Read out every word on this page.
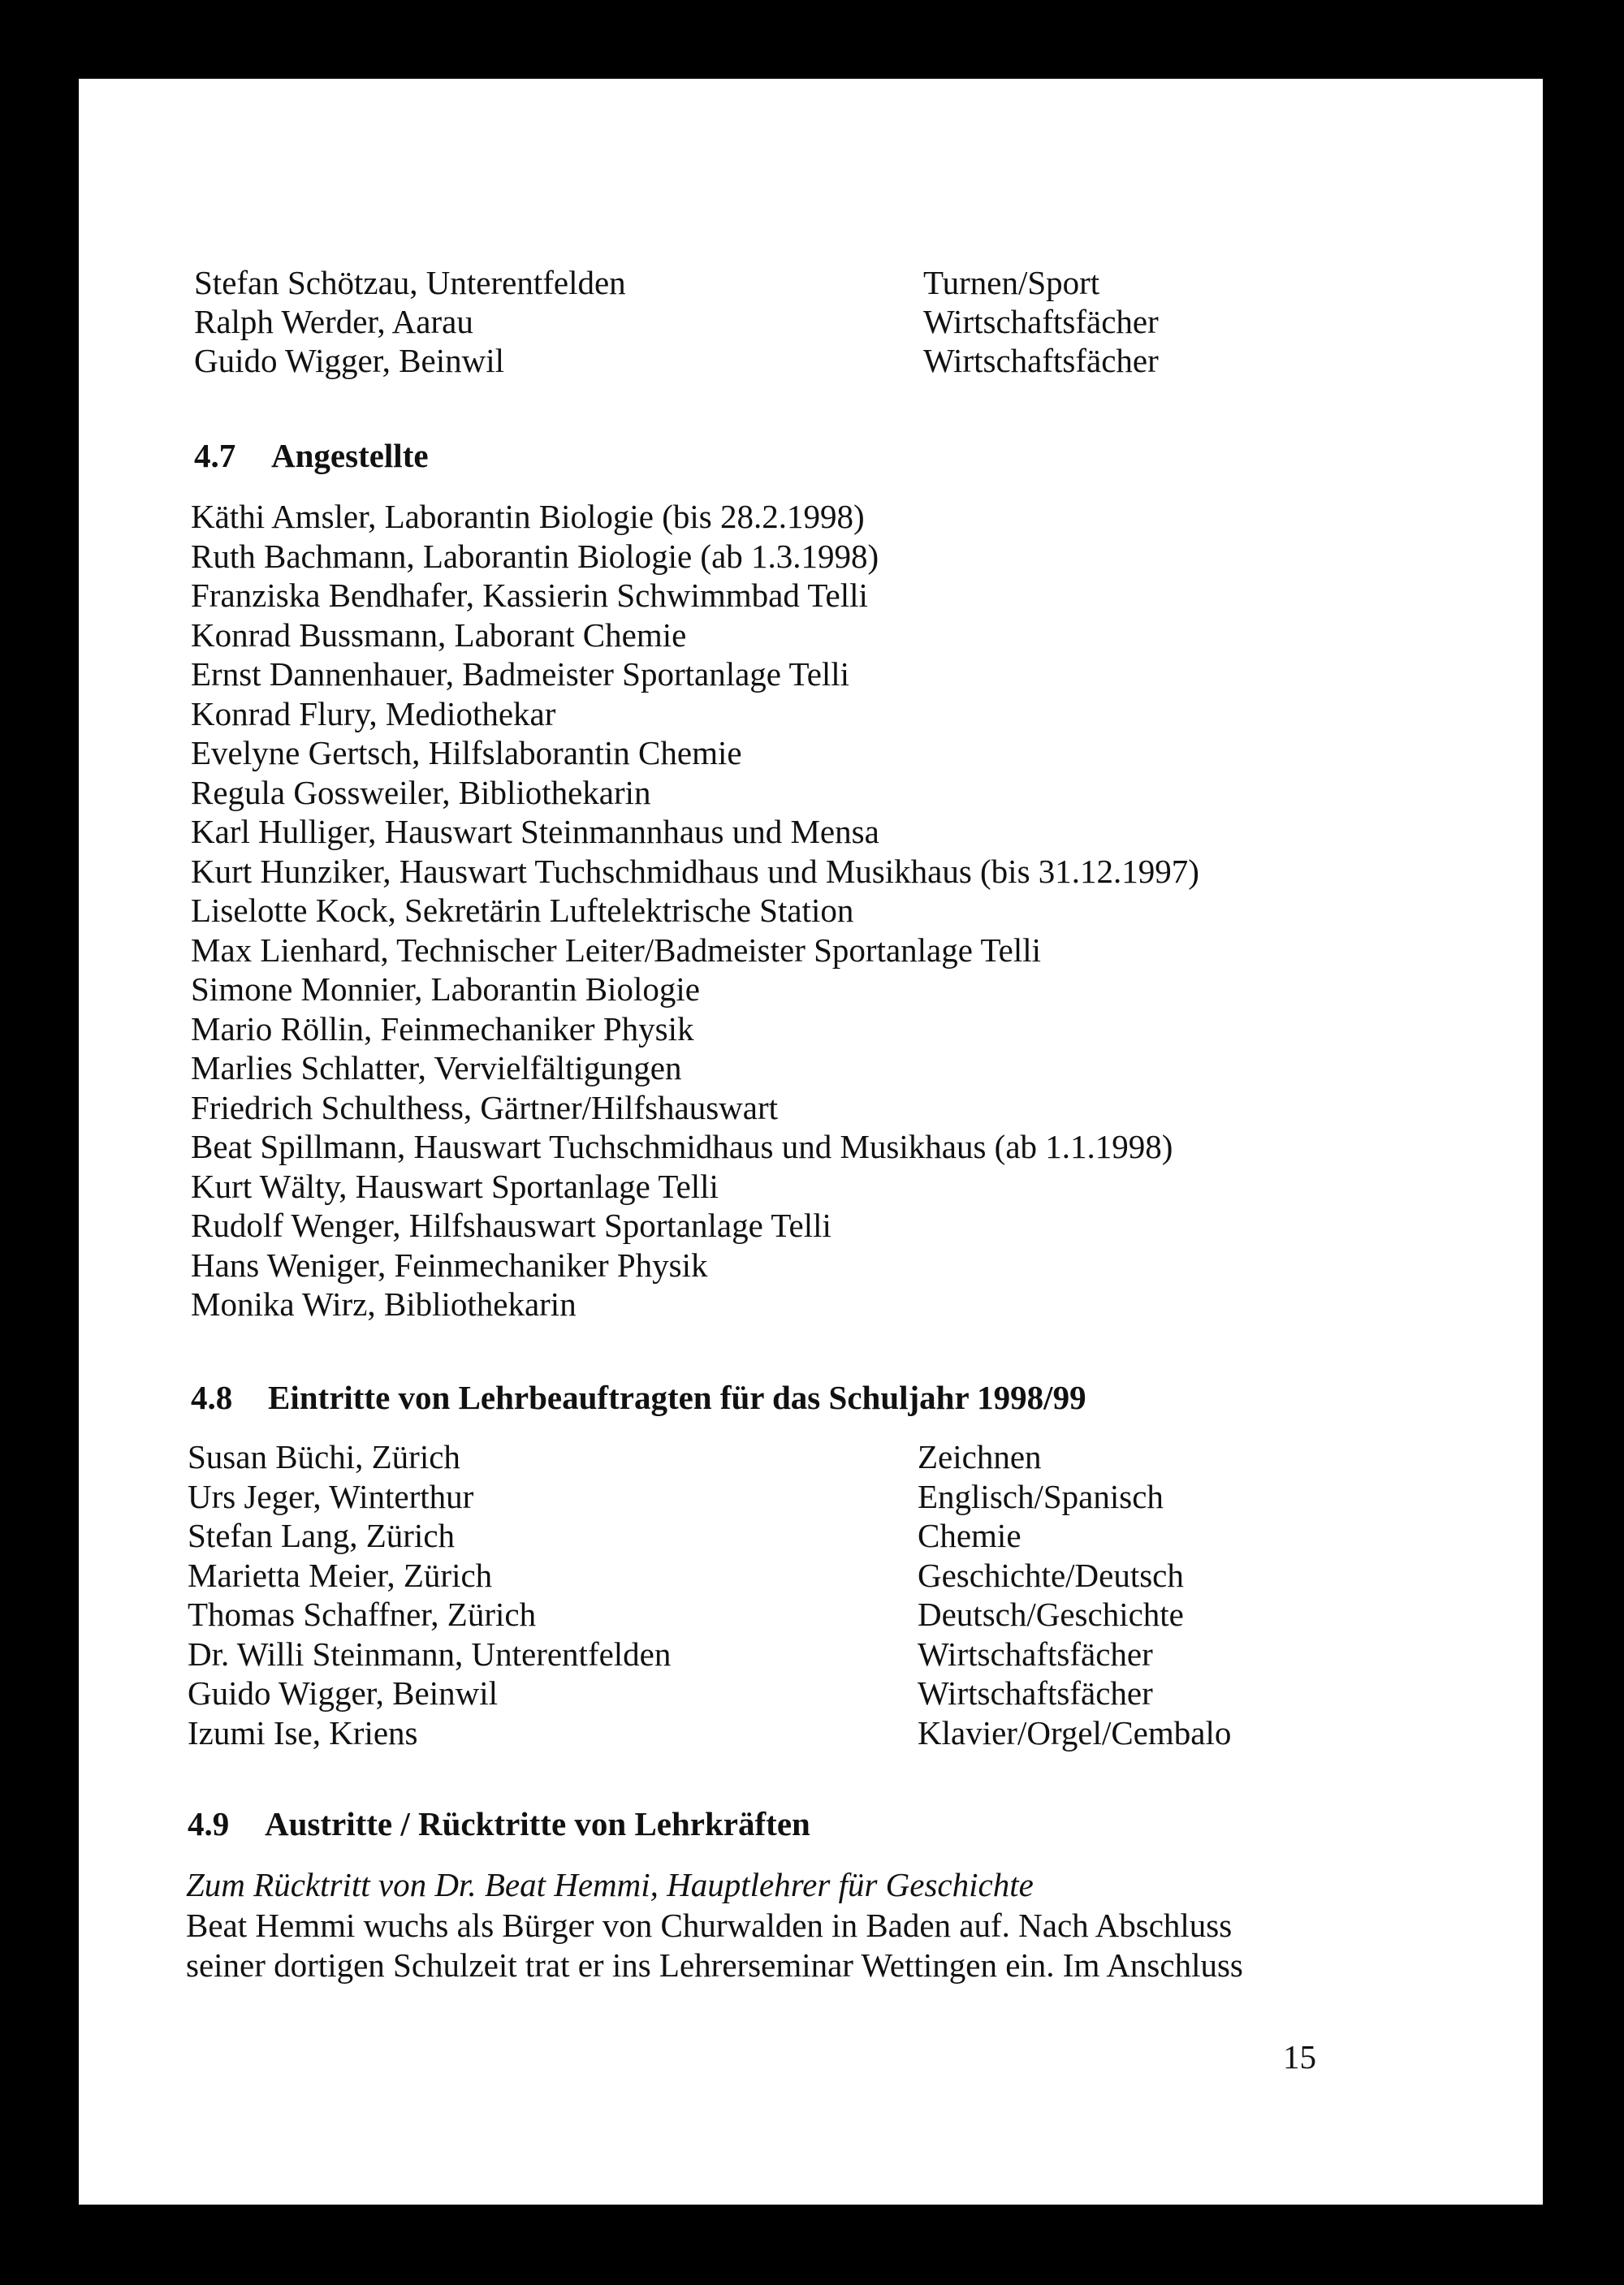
Stefan Schötzau, Unterentfelden	Turnen/Sport
Ralph Werder, Aarau	Wirtschaftsfächer
Guido Wigger, Beinwil	Wirtschaftsfächer
4.7 Angestellte
Käthi Amsler, Laborantin Biologie (bis 28.2.1998)
Ruth Bachmann, Laborantin Biologie (ab 1.3.1998)
Franziska Bendhafer, Kassierin Schwimmbad Telli
Konrad Bussmann, Laborant Chemie
Ernst Dannenhauer, Badmeister Sportanlage Telli
Konrad Flury, Mediothekar
Evelyne Gertsch, Hilfslaborantin Chemie
Regula Gossweiler, Bibliothekarin
Karl Hulliger, Hauswart Steinmannhaus und Mensa
Kurt Hunziker, Hauswart Tuchschmidhaus und Musikhaus (bis 31.12.1997)
Liselotte Kock, Sekretärin Luftelektrische Station
Max Lienhard, Technischer Leiter/Badmeister Sportanlage Telli
Simone Monnier, Laborantin Biologie
Mario Röllin, Feinmechaniker Physik
Marlies Schlatter, Vervielfältigungen
Friedrich Schulthess, Gärtner/Hilfshauswart
Beat Spillmann, Hauswart Tuchschmidhaus und Musikhaus (ab 1.1.1998)
Kurt Wälty, Hauswart Sportanlage Telli
Rudolf Wenger, Hilfshauswart Sportanlage Telli
Hans Weniger, Feinmechaniker Physik
Monika Wirz, Bibliothekarin
4.8 Eintritte von Lehrbeauftragten für das Schuljahr 1998/99
Susan Büchi, Zürich	Zeichnen
Urs Jeger, Winterthur	Englisch/Spanisch
Stefan Lang, Zürich	Chemie
Marietta Meier, Zürich	Geschichte/Deutsch
Thomas Schaffner, Zürich	Deutsch/Geschichte
Dr. Willi Steinmann, Unterentfelden	Wirtschaftsfächer
Guido Wigger, Beinwil	Wirtschaftsfächer
Izumi Ise, Kriens	Klavier/Orgel/Cembalo
4.9 Austritte / Rücktritte von Lehrkräften
Zum Rücktritt von Dr. Beat Hemmi, Hauptlehrer für Geschichte
Beat Hemmi wuchs als Bürger von Churwalden in Baden auf. Nach Abschluss
seiner dortigen Schulzeit trat er ins Lehrerseminar Wettingen ein. Im Anschluss
15
